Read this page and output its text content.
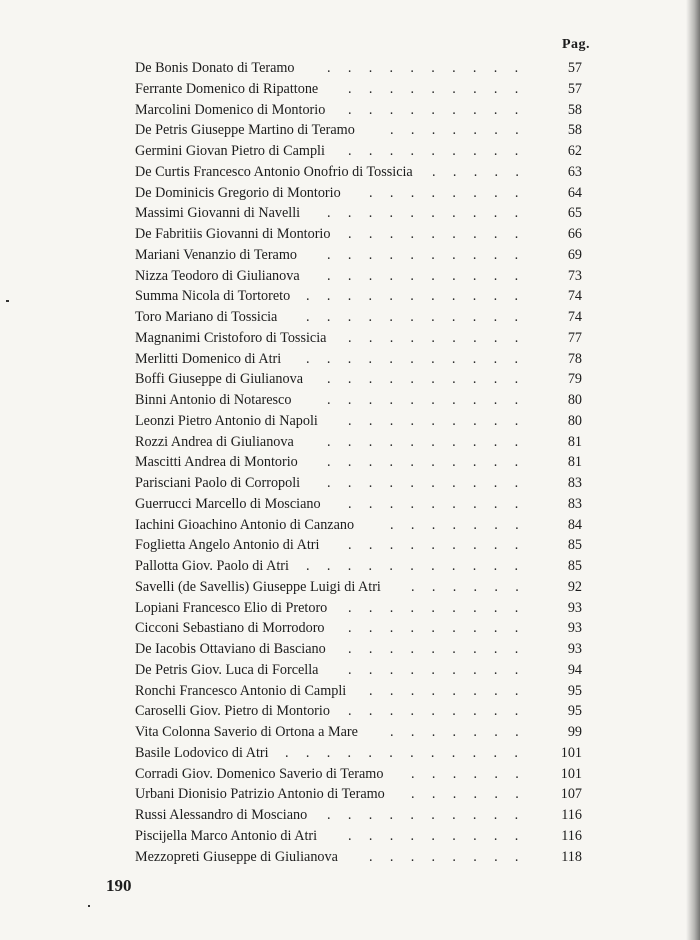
Pag.
De Bonis Donato di Teramo ..........	57
Ferrante Domenico di Ripattone .........	57
Marcolini Domenico di Montorio .........	58
De Petris Giuseppe Martino di Teramo .......	58
Germini Giovan Pietro di Campli .........	62
De Curtis Francesco Antonio Onofrio di Tossicia .....	63
De Dominicis Gregorio di Montorio ........	64
Massimi Giovanni di Navelli ..........	65
De Fabritiis Giovanni di Montorio .........	66
Mariani Venanzio di Teramo ..........	69
Nizza Teodoro di Giulianova ..........	73
Summa Nicola di Tortoreto ...........	74
Toro Mariano di Tossicia ...........	74
Magnanimi Cristoforo di Tossicia .........	77
Merlitti Domenico di Atri ...........	78
Boffi Giuseppe di Giulianova ..........	79
Binni Antonio di Notaresco	..........	80
Leonzi Pietro Antonio di Napoli .........	80
Rozzi Andrea di Giulianova ..........	81
Mascitti Andrea di Montorio ..........	81
Parisciani Paolo di Corropoli ..........	83
Guerrucci Marcello di Mosciano .........	83
Iachini Gioachino Antonio di Canzano	.......	84
Foglietta Angelo Antonio di Atri .........	85
Pallotta Giov. Paolo di Atri ...........	85
Savelli (de Savellis) Giuseppe Luigi di Atri ......	92
Lopiani Francesco Elio di Pretoro .........	93
Cicconi Sebastiano di Morrodoro .........	93
De Iacobis Ottaviano di Basciano .........	93
De Petris Giov. Luca di Forcella .........	94
Ronchi Francesco Antonio di Campli ........	95
Caroselli Giov. Pietro di Montorio .........	95
Vita Colonna Saverio di Ortona a Mare .......	99
Basile Lodovico di Atri ............	101
Corradi Giov. Domenico Saverio di Teramo ......	101
Urbani Dionisio Patrizio Antonio di Teramo ......	107
Russi Alessandro di Mosciano ..........	116
Piscijella Marco Antonio di Atri .........	116
Mezzopreti Giuseppe di Giulianova ........	118
190
